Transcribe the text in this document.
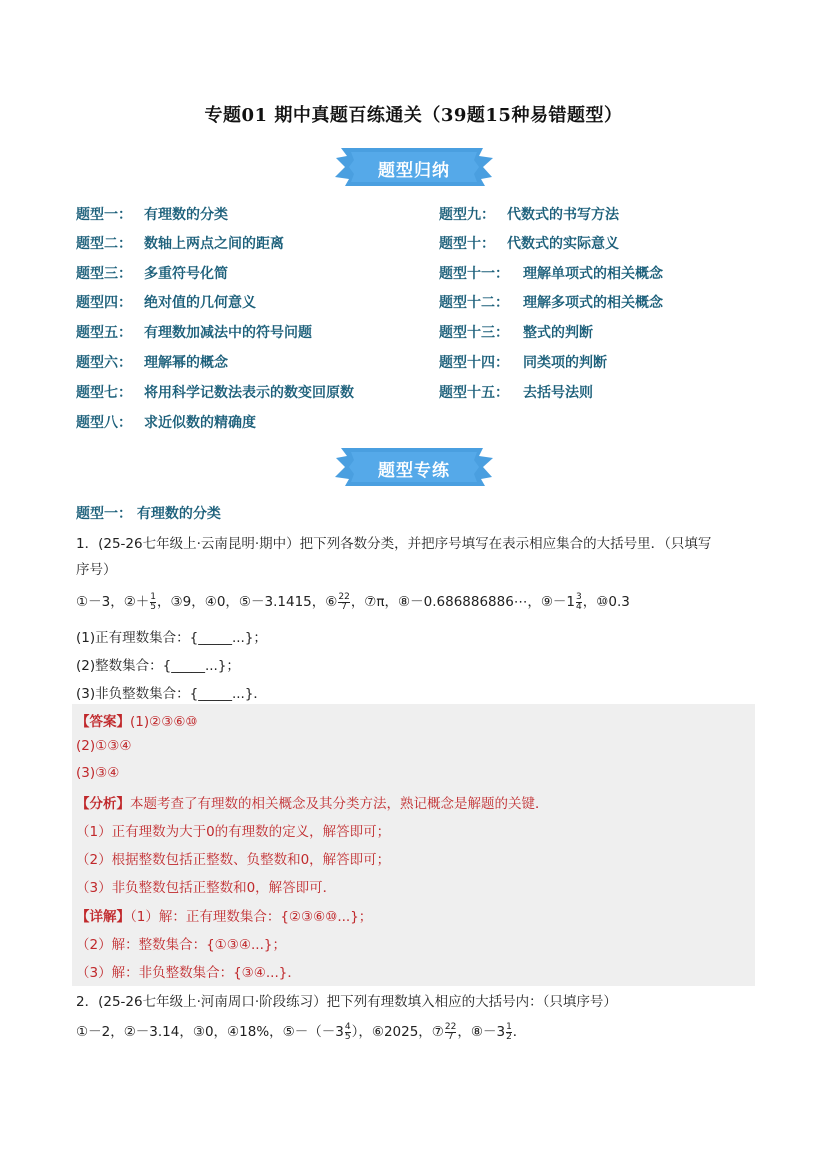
专题01 期中真题百练通关（39题15种易错题型）
题型归纳
题型一： 有理数的分类
题型二： 数轴上两点之间的距离
题型三： 多重符号化简
题型四： 绝对值的几何意义
题型五： 有理数加减法中的符号问题
题型六： 理解幂的概念
题型七： 将用科学记数法表示的数变回原数
题型八： 求近似数的精确度
题型九： 代数式的书写方法
题型十： 代数式的实际意义
题型十一： 理解单项式的相关概念
题型十二： 理解多项式的相关概念
题型十三： 整式的判断
题型十四： 同类项的判断
题型十五： 去括号法则
题型专练
题型一： 有理数的分类
1．(25-26七年级上·云南昆明·期中）把下列各数分类，并把序号填写在表示相应集合的大括号里．（只填写
序号）
①－3，②＋ $\frac{1}{5}$ ，③9，④0，⑤－3.1415，⑥ $\frac{22}{7}$ ，⑦π，⑧－0.686886886⋯，⑨－1 $\frac{3}{4}$ ，⑩0.3
(1)正有理数集合：{_____...}；
(2)整数集合：{_____...}；
(3)非负整数集合：{_____...}．
【答案】(1)②③⑥⑩
(2)①③④
(3)③④
【分析】本题考查了有理数的相关概念及其分类方法，熟记概念是解题的关键．
（1）正有理数为大于0的有理数的定义，解答即可；
（2）根据整数包括正整数、负整数和0，解答即可；
（3）非负整数包括正整数和0，解答即可．
【详解】（1）解：正有理数集合：{②③⑥⑩...}；
（2）解：整数集合：{①③④...}；
（3）解：非负整数集合：{③④...}．
2．(25-26七年级上·河南周口·阶段练习）把下列有理数填入相应的大括号内：（只填序号）
①－2，②－3.14，③0，④18%，⑤－（－3 $\frac{4}{5}$ ），⑥2025，⑦ $\frac{22}{7}$ ，⑧－3 $\frac{1}{2}$ ．
